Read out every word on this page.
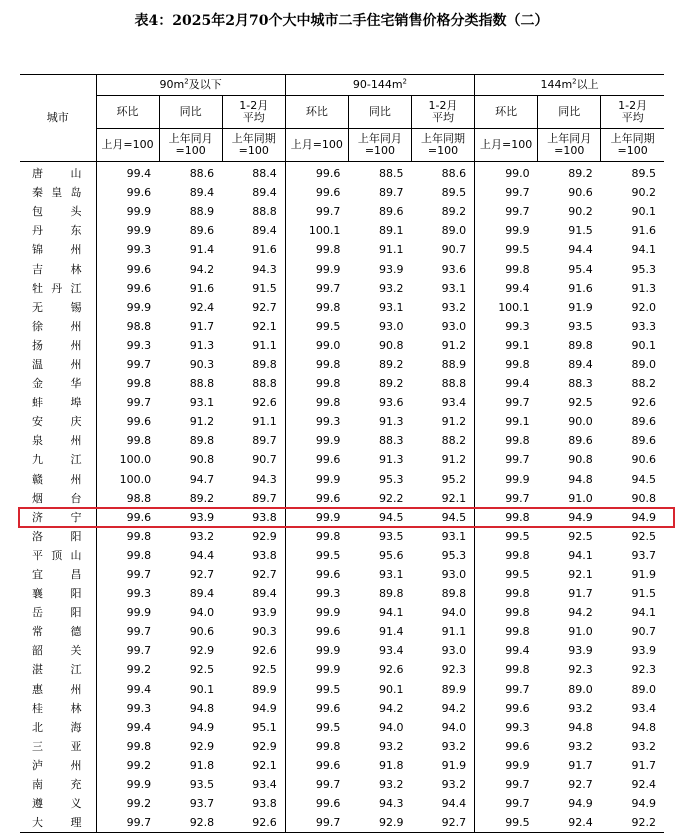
表4：2025年2月70个大中城市二手住宅销售价格分类指数（二）
城市	$90m^2$及以下			$90-144m^2$			$144m^2$以上		
	环比	同比	1-2月平均	环比	同比	1-2月平均	环比	同比	1-2月平均
	上月=100	上年同月=100	上年同期=100	上月=100	上年同月=100	上年同期=100	上月=100	上年同月=100	上年同期=100
唐山	99.4	88.6	88.4	99.6	88.5	88.6	99.0	89.2	89.5
秦皇岛	99.6	89.4	89.4	99.6	89.7	89.5	99.7	90.6	90.2
包头	99.9	88.9	88.8	99.7	89.6	89.2	99.7	90.2	90.1
丹东	99.9	89.6	89.4	100.1	89.1	89.0	99.9	91.5	91.6
锦州	99.3	91.4	91.6	99.8	91.1	90.7	99.5	94.4	94.1
吉林	99.6	94.2	94.3	99.9	93.9	93.6	99.8	95.4	95.3
牡丹江	99.6	91.6	91.5	99.7	93.2	93.1	99.4	91.6	91.3
无锡	99.9	92.4	92.7	99.8	93.1	93.2	100.1	91.9	92.0
徐州	98.8	91.7	92.1	99.5	93.0	93.0	99.3	93.5	93.3
扬州	99.3	91.3	91.1	99.0	90.8	91.2	99.1	89.8	90.1
温州	99.7	90.3	89.8	99.8	89.2	88.9	99.8	89.4	89.0
金华	99.8	88.8	88.8	99.8	89.2	88.8	99.4	88.3	88.2
蚌埠	99.7	93.1	92.6	99.8	93.6	93.4	99.7	92.5	92.6
安庆	99.6	91.2	91.1	99.3	91.3	91.2	99.1	90.0	89.6
泉州	99.8	89.8	89.7	99.9	88.3	88.2	99.8	89.6	89.6
九江	100.0	90.8	90.7	99.6	91.3	91.2	99.7	90.8	90.6
赣州	100.0	94.7	94.3	99.9	95.3	95.2	99.9	94.8	94.5
烟台	98.8	89.2	89.7	99.6	92.2	92.1	99.7	91.0	90.8
济宁	99.6	93.9	93.8	99.9	94.5	94.5	99.8	94.9	94.9
洛阳	99.8	93.2	92.9	99.8	93.5	93.1	99.5	92.5	92.5
平顶山	99.8	94.4	93.8	99.5	95.6	95.3	99.8	94.1	93.7
宜昌	99.7	92.7	92.7	99.6	93.1	93.0	99.5	92.1	91.9
襄阳	99.3	89.4	89.4	99.3	89.8	89.8	99.8	91.7	91.5
岳阳	99.9	94.0	93.9	99.9	94.1	94.0	99.8	94.2	94.1
常德	99.7	90.6	90.3	99.6	91.4	91.1	99.8	91.0	90.7
韶关	99.7	92.9	92.6	99.9	93.4	93.0	99.4	93.9	93.9
湛江	99.2	92.5	92.5	99.9	92.6	92.3	99.8	92.3	92.3
惠州	99.4	90.1	89.9	99.5	90.1	89.9	99.7	89.0	89.0
桂林	99.3	94.8	94.9	99.6	94.2	94.2	99.6	93.2	93.4
北海	99.4	94.9	95.1	99.5	94.0	94.0	99.3	94.8	94.8
三亚	99.8	92.9	92.9	99.8	93.2	93.2	99.6	93.2	93.2
泸州	99.2	91.8	92.1	99.6	91.8	91.9	99.9	91.7	91.7
南充	99.9	93.5	93.4	99.7	93.2	93.2	99.7	92.7	92.4
遵义	99.2	93.7	93.8	99.6	94.3	94.4	99.7	94.9	94.9
大理	99.7	92.8	92.6	99.7	92.9	92.7	99.5	92.4	92.2
